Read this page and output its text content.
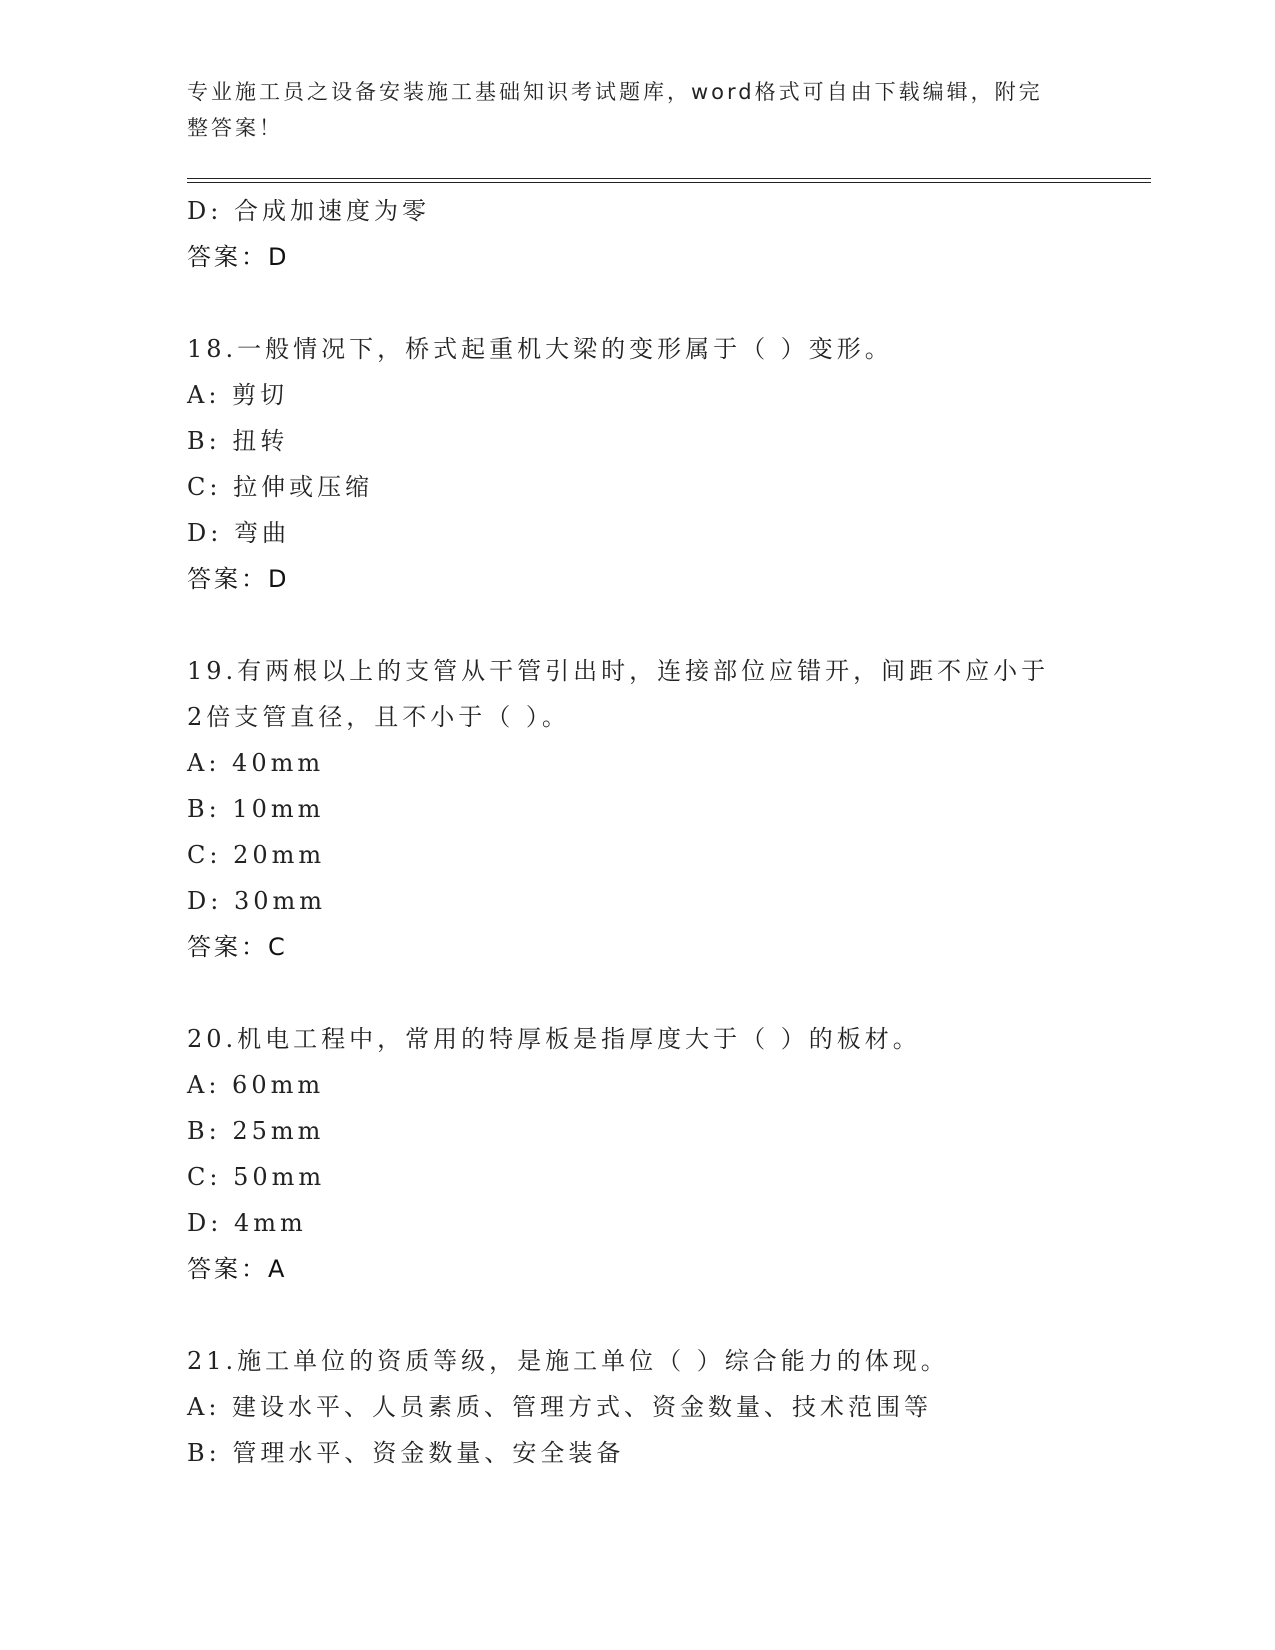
专业施工员之设备安装施工基础知识考试题库，word格式可自由下载编辑，附完
整答案！
D: 合成加速度为零
答案：D
18.一般情况下，桥式起重机大梁的变形属于（ ）变形。
A: 剪切
B: 扭转
C: 拉伸或压缩
D: 弯曲
答案：D
19.有两根以上的支管从干管引出时，连接部位应错开，间距不应小于
2倍支管直径，且不小于（ ）。
A: 40mm
B: 10mm
C: 20mm
D: 30mm
答案：C
20.机电工程中，常用的特厚板是指厚度大于（ ）的板材。
A: 60mm
B: 25mm
C: 50mm
D: 4mm
答案：A
21.施工单位的资质等级，是施工单位（ ）综合能力的体现。
A: 建设水平、人员素质、管理方式、资金数量、技术范围等
B: 管理水平、资金数量、安全装备
